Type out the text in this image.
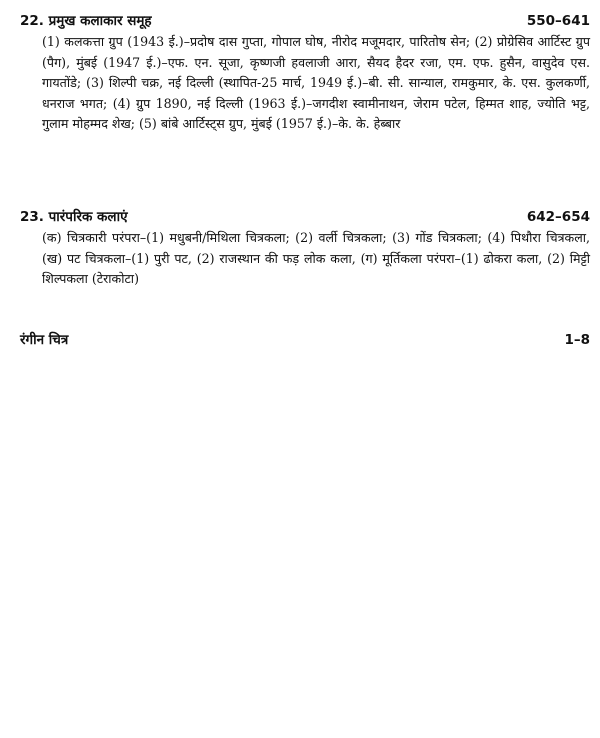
22. प्रमुख कलाकार समूह	550–641
(1) कलकत्ता ग्रुप (1943 ई.)–प्रदोष दास गुप्ता, गोपाल घोष, नीरोद मजूमदार, पारितोष सेन; (2) प्रोग्रेसिव आर्टिस्ट ग्रुप (पैग), मुंबई (1947 ई.)–एफ. एन. सूजा, कृष्णजी हवलाजी आरा, सैयद हैदर रजा, एम. एफ. हुसैन, वासुदेव एस. गायतोंडे; (3) शिल्पी चक्र, नई दिल्ली (स्थापित-25 मार्च, 1949 ई.)–बी. सी. सान्याल, रामकुमार, के. एस. कुलकर्णी, धनराज भगत; (4) ग्रुप 1890, नई दिल्ली (1963 ई.)–जगदीश स्वामीनाथन, जेराम पटेल, हिम्मत शाह, ज्योति भट्ट, गुलाम मोहम्मद शेख; (5) बांबे आर्टिस्ट्स ग्रुप, मुंबई (1957 ई.)–के. के. हेब्बार
23. पारंपरिक कलाएं	642–654
(क) चित्रकारी परंपरा–(1) मधुबनी/मिथिला चित्रकला; (2) वर्ली चित्रकला; (3) गोंड चित्रकला; (4) पिथौरा चित्रकला, (ख) पट चित्रकला–(1) पुरी पट, (2) राजस्थान की फड़ लोक कला, (ग) मूर्तिकला परंपरा–(1) ढोकरा कला, (2) मिट्टी शिल्पकला (टेराकोटा)
रंगीन चित्र	1–8
